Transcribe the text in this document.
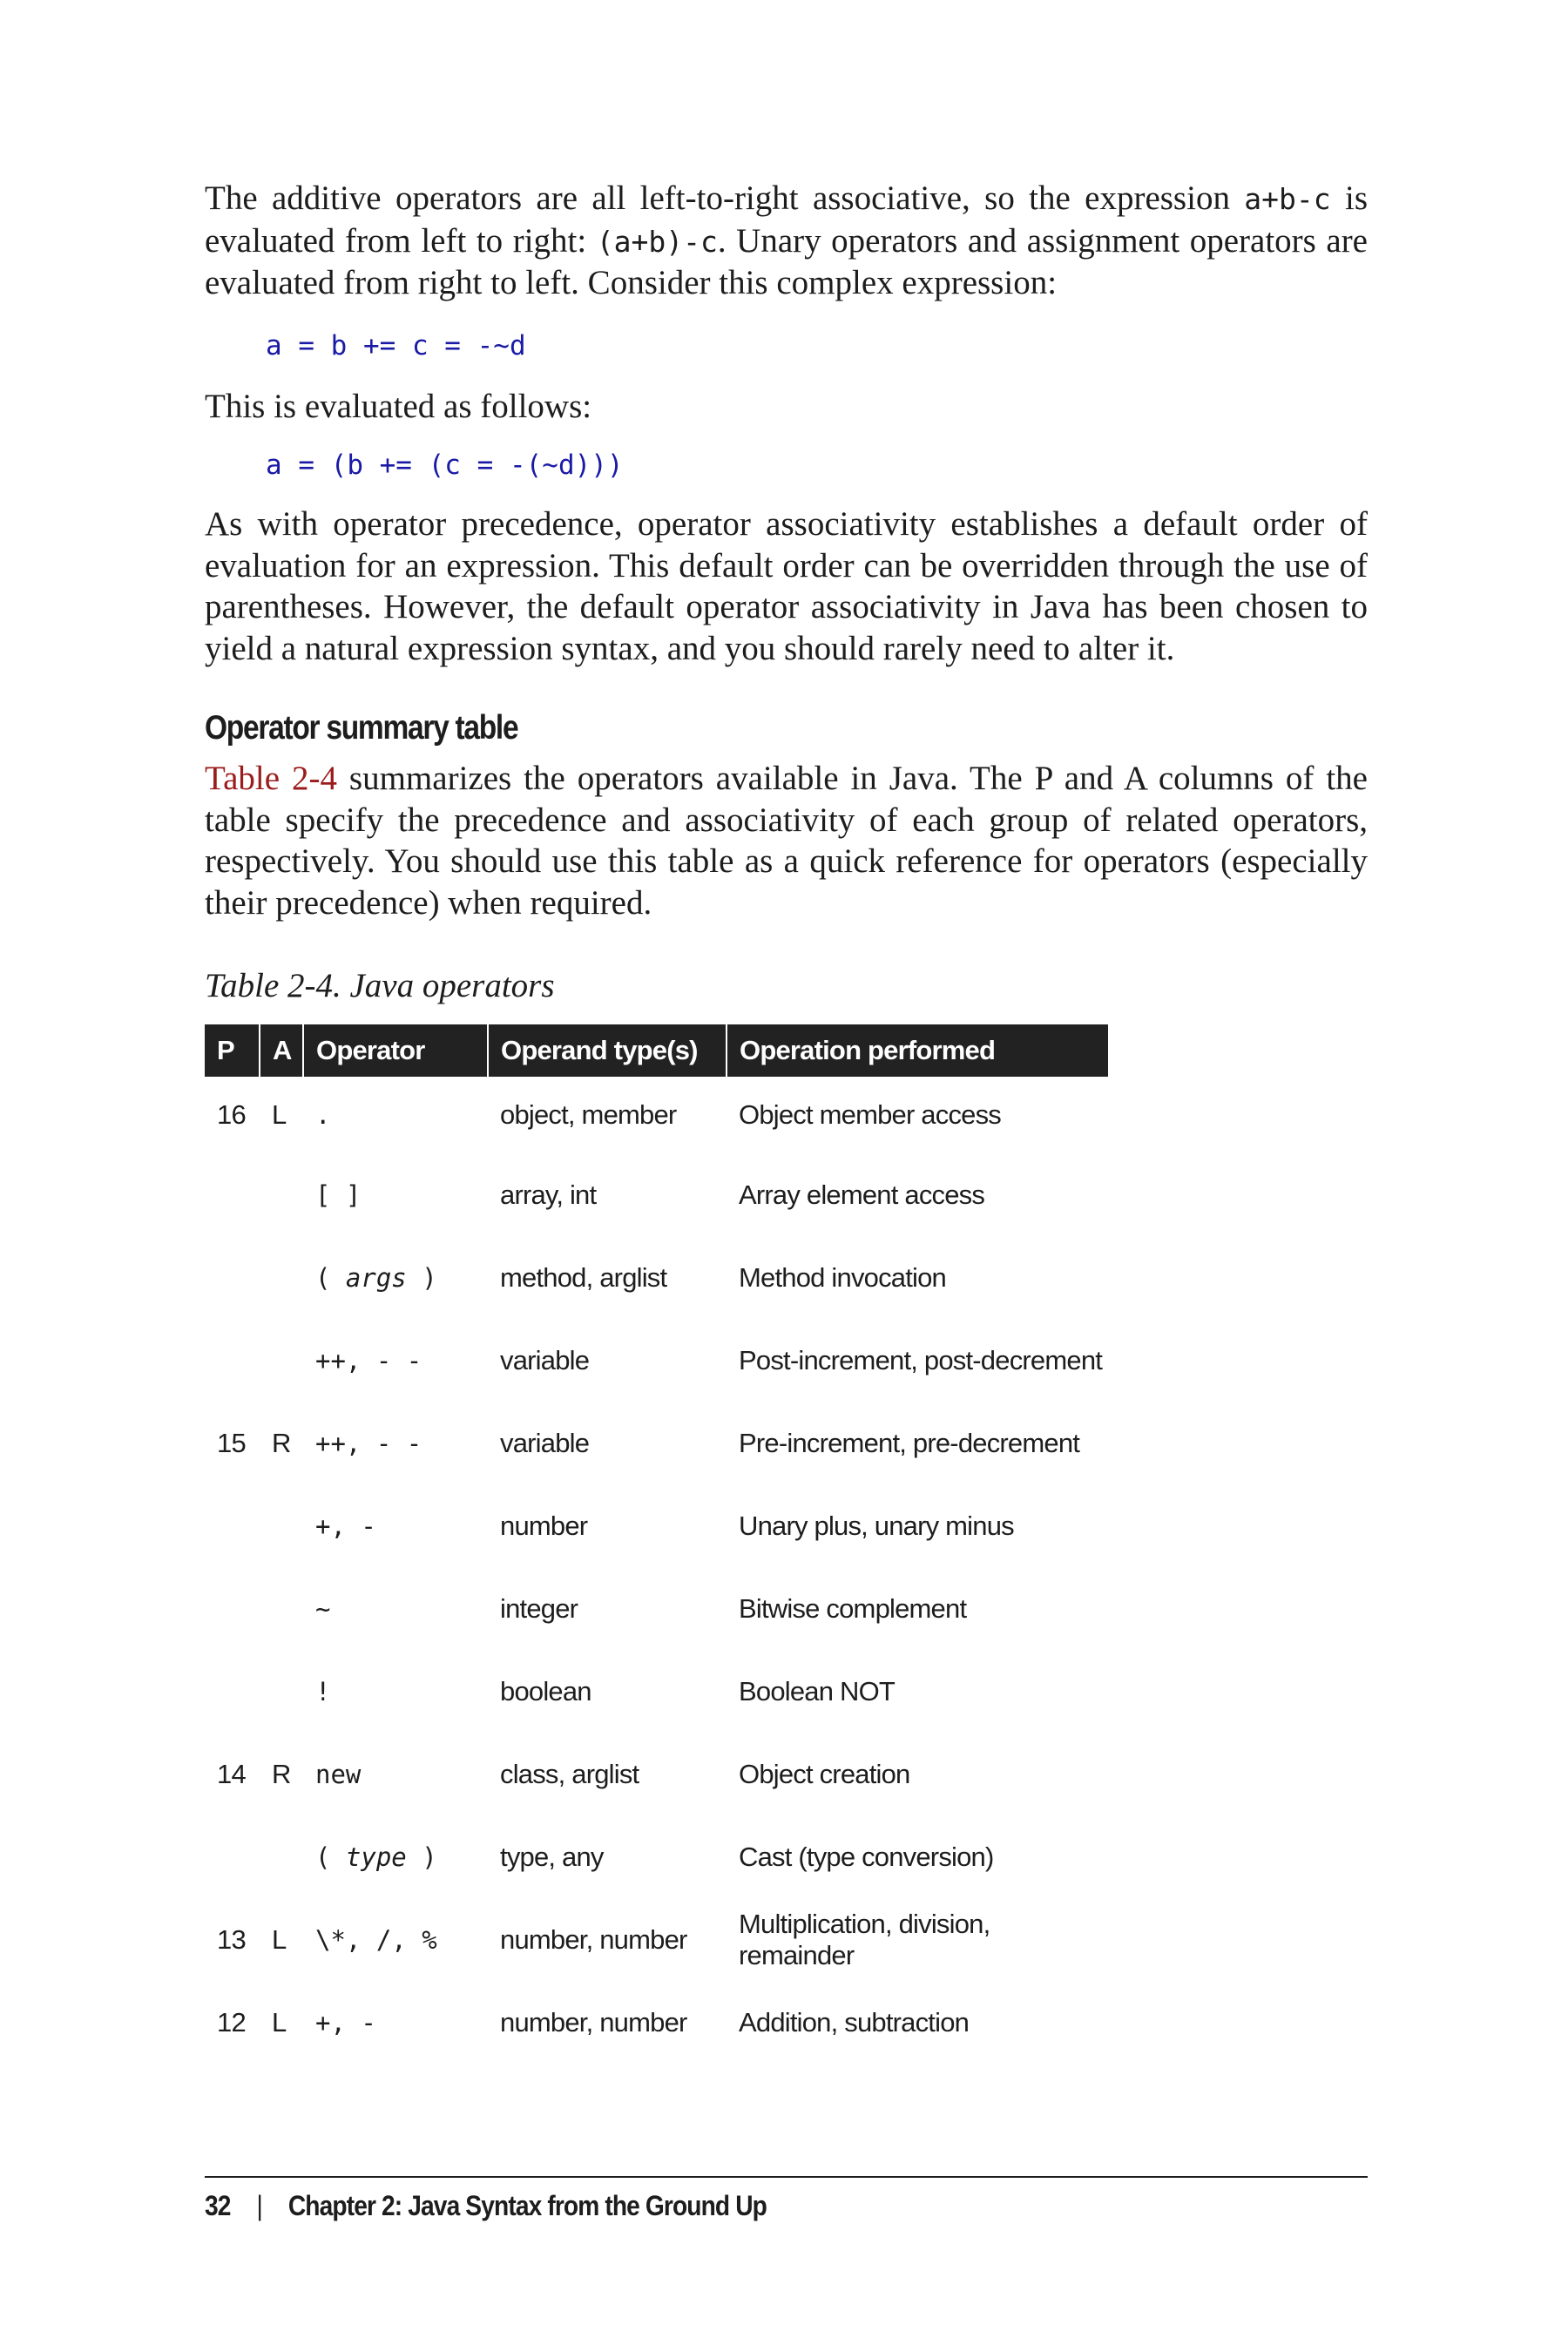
The additive operators are all left-to-right associative, so the expression a+b-c is evaluated from left to right: (a+b)-c. Unary operators and assignment operators are evaluated from right to left. Consider this complex expression:

a = b += c = -~d

This is evaluated as follows:

a = (b += (c = -(~d)))

As with operator precedence, operator associativity establishes a default order of evaluation for an expression. This default order can be overridden through the use of parentheses. However, the default operator associativity in Java has been chosen to yield a natural expression syntax, and you should rarely need to alter it.

Operator summary table

Table 2-4 summarizes the operators available in Java. The P and A columns of the table specify the precedence and associativity of each group of related operators, respectively. You should use this table as a quick reference for operators (especially their precedence) when required.

Table 2-4. Java operators
P	A	Operator	Operand type(s)	Operation performed
16	L	.	object, member	Object member access
		[ ]	array, int	Array element access
		( args )	method, arglist	Method invocation
		++, - -	variable	Post-increment, post-decrement
15	R	++, - -	variable	Pre-increment, pre-decrement
		+, -	number	Unary plus, unary minus
		~	integer	Bitwise complement
		!	boolean	Boolean NOT
14	R	new	class, arglist	Object creation
		( type )	type, any	Cast (type conversion)
13	L	\*, /, %	number, number	Multiplication, division, remainder
12	L	+, -	number, number	Addition, subtraction
32 | Chapter 2: Java Syntax from the Ground Up
